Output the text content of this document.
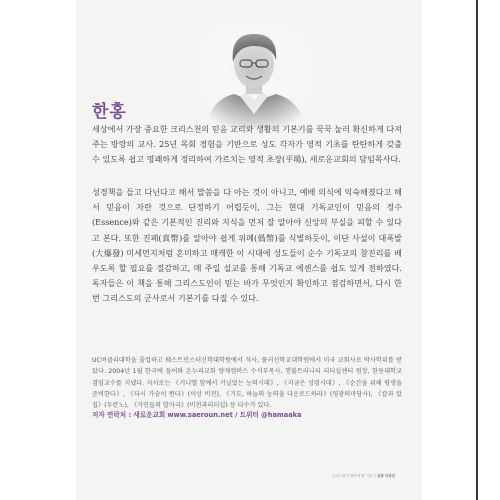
한홍

세상에서 가장 중요한 크리스천의 믿음 교리와 생활의 기본기를 꾹꾹 눌러 확신하게 다져주는 방랑의 교사. 25년 목회 경험을 기반으로 성도 각자가 영적 기초를 탄탄하게 갖출 수 있도록 쉽고 명쾌하게 정리하여 가르치는 영적 초장(平場), 새로운교회의 담임목사다.

성경책을 들고 다닌다고 해서 말씀을 다 아는 것이 아니고, 예배 의식에 익숙해졌다고 해서 믿음이 자란 것으로 단정하기 어렵듯이, 그는 현대 기독교인이 믿음의 정수(Essence)와 같은 기본적인 진리와 지식을 먼저 잘 알아야 신앙의 부실을 피할 수 있다고 본다. 또한 진폐(真幣)를 알아야 쉽게 위폐(僞幣)를 식별하듯이, 이단 사설이 대폭발(大爆發) 미세먼지처럼 혼미하고 매캐한 이 시대에 성도들이 순수 기독교의 참진리를 배우도록 할 필요를 절감하고, 매 주일 설교를 통해 기독교 에센스를 쉽도 있게 전하였다. 독자들은 이 책을 통해 그리스도인이 믿는 바가 무엇인지 확인하고 점검하면서, 다시 한 번 그리스도의 군사로서 기본기를 다질 수 있다.

UC버클리대학을 졸업하고 웨스트민스터신학대학원에서 석사, 풀러신학교대학원에서 미국 교회사로 박사학위를 받았다. 2004년 1월 한국에 들어와 온누리교회 양재캠퍼스 수석부목사, 행불트라니티 리더십센터 원장, 한동대학교 겸임교수를 지냈다. 지서로는 《거니엘 앞에서 거닐었는 능력시대》, 《지금은 성령시대》, 《순간을 위해 평생을 준비한다》, 《다시 가슴이 뛴다》(이상 비전), 《기도, 하늘의 능력을 다운로드하라》(영광의마당사), 《칼과 칼집》(두란노), 《거인들의 발자국》(비전과리더십) 등 다수가 있다.

저자 연락처 : 새로운교회 www.saeroun.net / 트위터 @hamaaka
크리스천이 알아야 할 기본기 규장 디자인
